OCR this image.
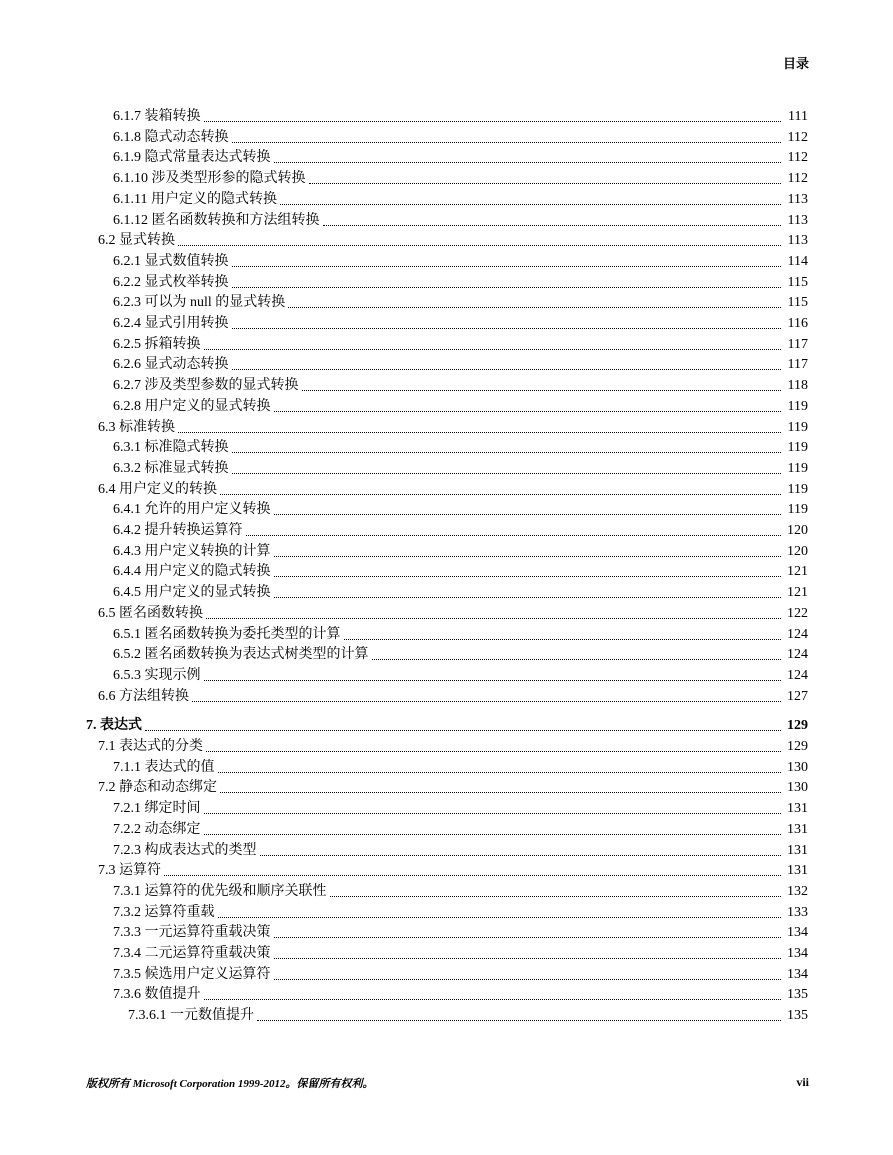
目录
6.1.7 装箱转换	111
6.1.8 隐式动态转换	112
6.1.9 隐式常量表达式转换	112
6.1.10 涉及类型形参的隐式转换	112
6.1.11 用户定义的隐式转换	113
6.1.12 匿名函数转换和方法组转换	113
6.2 显式转换	113
6.2.1 显式数值转换	114
6.2.2 显式枚举转换	115
6.2.3 可以为 null 的显式转换	115
6.2.4 显式引用转换	116
6.2.5 拆箱转换	117
6.2.6 显式动态转换	117
6.2.7 涉及类型参数的显式转换	118
6.2.8 用户定义的显式转换	119
6.3 标准转换	119
6.3.1 标准隐式转换	119
6.3.2 标准显式转换	119
6.4 用户定义的转换	119
6.4.1 允许的用户定义转换	119
6.4.2 提升转换运算符	120
6.4.3 用户定义转换的计算	120
6.4.4 用户定义的隐式转换	121
6.4.5 用户定义的显式转换	121
6.5 匿名函数转换	122
6.5.1 匿名函数转换为委托类型的计算	124
6.5.2 匿名函数转换为表达式树类型的计算	124
6.5.3 实现示例	124
6.6 方法组转换	127
7. 表达式	129
7.1 表达式的分类	129
7.1.1 表达式的值	130
7.2 静态和动态绑定	130
7.2.1 绑定时间	131
7.2.2 动态绑定	131
7.2.3 构成表达式的类型	131
7.3 运算符	131
7.3.1 运算符的优先级和顺序关联性	132
7.3.2 运算符重载	133
7.3.3 一元运算符重载决策	134
7.3.4 二元运算符重载决策	134
7.3.5 候选用户定义运算符	134
7.3.6 数值提升	135
7.3.6.1 一元数值提升	135
版权所有 Microsoft Corporation 1999-2012。保留所有权利。	vii
